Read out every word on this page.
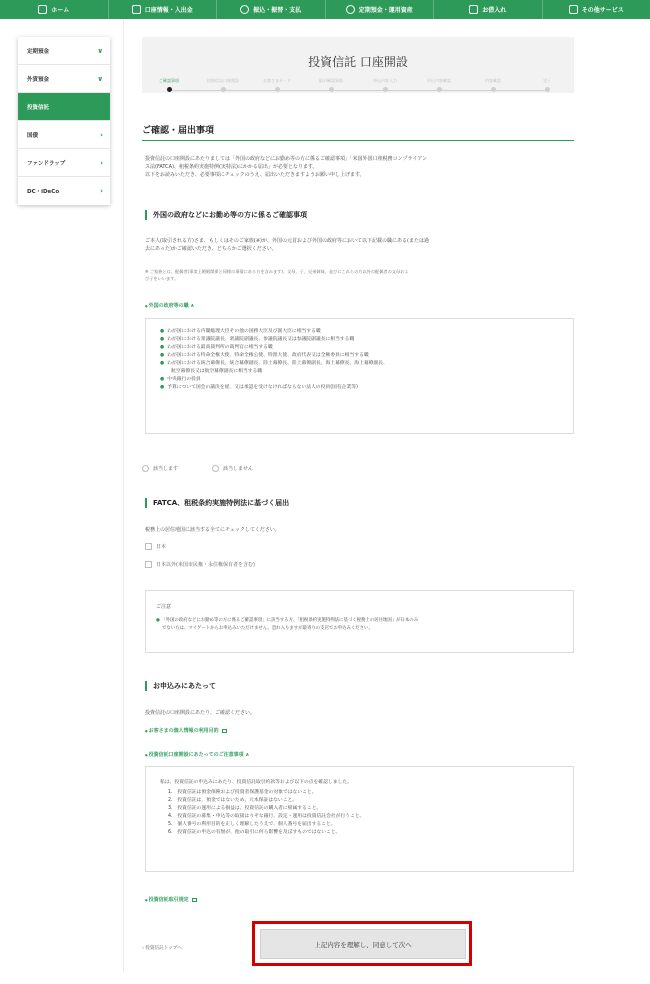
ホーム	口座情報・入出金	振込・振替・支払	定期預金・運用資産	お借入れ	その他サービス
定期預金	∨
外貨預金	∨
投資信託
国債	›
ファンドラップ	›
DC・iDeCo	›
投資信託 口座開設
ご確認事項	投資信託口座開設	お客さまカード	取引確認事項	申込内容入力	申込内容確認	内容確認	完了
ご確認・届出事項
投資信託の口座開設にあたりましては「外国の政府などにお勤め等の方に係るご確認事項」「米国外国口座税務コンプライアン
ス法(FATCA)、租税条約実施特例(実特法)にかかる届出」が必要となります。
以下をお読みいただき、必要事項にチェックのうえ、届出いただきますようお願い申し上げます。
外国の政府などにお勤め等の方に係るご確認事項
ご本人(取引される方)さま、もしくはそのご家族(※)が、外国の元首および外国の政府等において以下記載の職にある(または過
去にあった)かご確認いただき、どちらかご選択ください。
※ ご家族とは、配偶者(事実上婚姻関係と同様の事情にある方を含みます)、父母、子、兄弟姉妹、並びにこれらの方以外の配偶者の父母およ
び子をいいます。
● 外国の政府等の職 ∧
● わが国における内閣総理大臣その他の国務大臣及び副大臣に相当する職
● わが国における衆議院議長、衆議院副議長、参議院議長又は参議院副議長に相当する職
● わが国における最高裁判所の裁判官に相当する職
● わが国における特命全権大使、特命全権公使、特派大使、政府代表又は全権委員に相当する職
● わが国における統合幕僚長、統合幕僚副長、陸上幕僚長、陸上幕僚副長、海上幕僚長、海上幕僚副長、
航空幕僚長又は航空幕僚副長に相当する職
● 中央銀行の役員
● 予算について国会の議決を経、又は承認を受けなければならない法人の役員(国有企業等)
該当します	該当しません
FATCA、租税条約実施特例法に基づく届出
税務上の居住地国に該当する全てにチェックしてください。
日本
日本以外(米国市民権・永住権保有者を含む)
ご注意
● 「外国の政府などにお勤め等の方に係るご確認事項」に該当する方、「租税条約実施特例法に基づく税務上の居住地国」が日本のみ
でない方は、マイゲートからお申込みいただけません。恐れ入りますが最寄りの支店でお申込みください。
お申込みにあたって
投資信託の口座開設にあたり、ご確認ください。
● お客さまの個人情報の利用目的
● 投資信託口座開設にあたってのご注意事項 ∧
私は、投資信託の申込みにあたり、投資信託取引約款等および以下の点を確認しました。
1.　投資信託は預金保険および投資者保護基金の対象ではないこと。
2.　投資信託は、預金ではないため、元本保証はないこと。
3.　投資信託の運用による損益は、投資信託の購入者に帰属すること。
4.　投資信託の募集・申込等の取扱はりそな銀行、設定・運用は投資信託会社が行うこと。
5.　個人番号の利用目的を正しく理解したうえで、個人番号を届出すること。
6.　投資信託の申込の有無が、他の取引に何ら影響を及ぼすものではないこと。
● 投資信託取引規定
‹ 投資信託トップへ	上記内容を理解し、同意して次へ
